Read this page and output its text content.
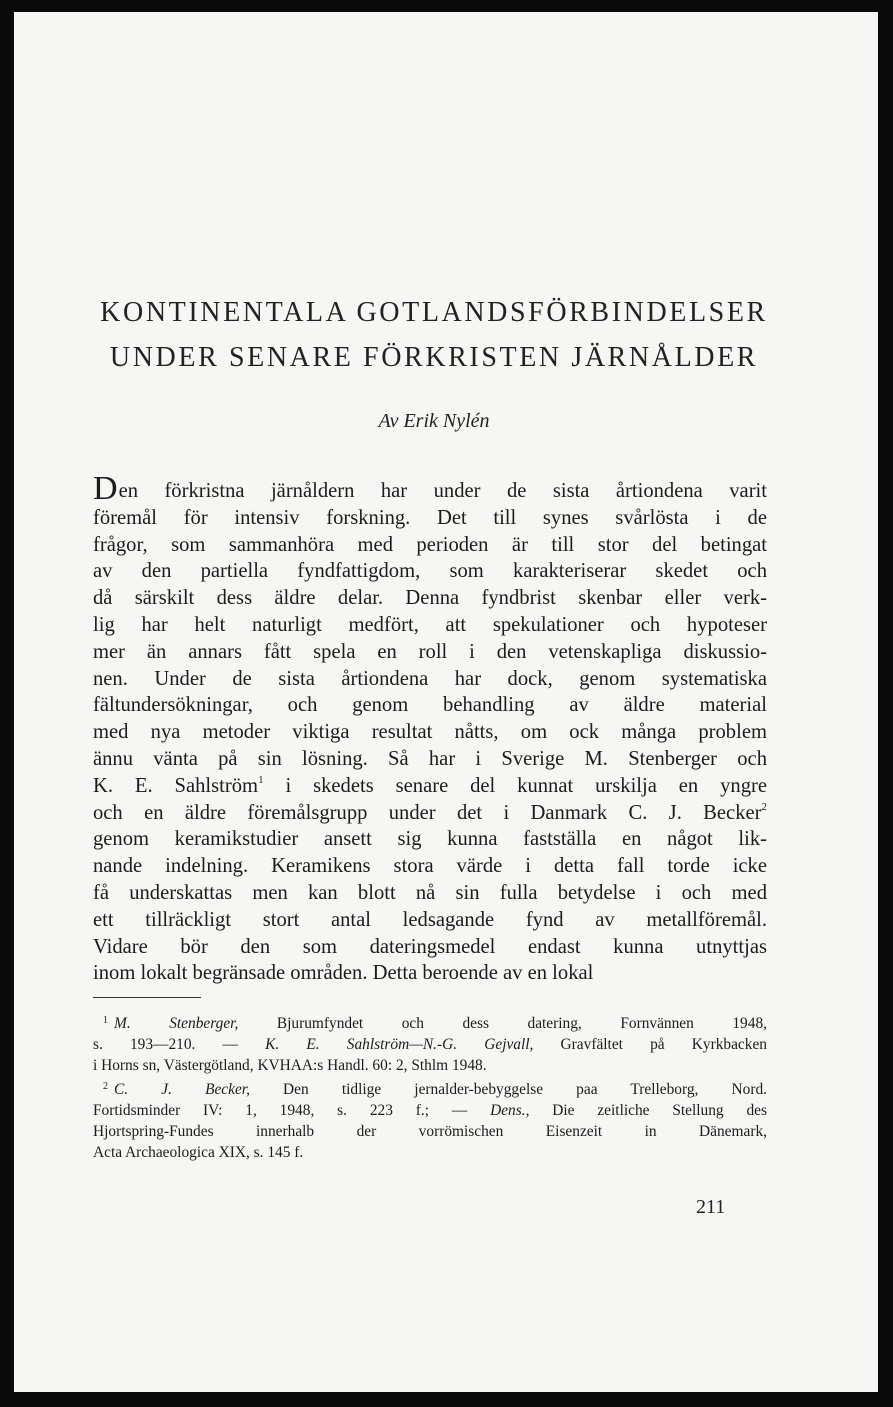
KONTINENTALA GOTLANDSFÖRBINDELSER
UNDER SENARE FÖRKRISTEN JÄRNÅLDER
Av Erik Nylén
Den förkristna järnåldern har under de sista årtiondena varit
föremål för intensiv forskning. Det till synes svårlösta i de
frågor, som sammanhöra med perioden är till stor del betingat
av den partiella fyndfattigdom, som karakteriserar skedet och
då särskilt dess äldre delar. Denna fyndbrist skenbar eller verk-
lig har helt naturligt medfört, att spekulationer och hypoteser
mer än annars fått spela en roll i den vetenskapliga diskussio-
nen. Under de sista årtiondena har dock, genom systematiska
fältundersökningar, och genom behandling av äldre material
med nya metoder viktiga resultat nåtts, om ock många problem
ännu vänta på sin lösning. Så har i Sverige M. Stenberger och
K. E. Sahlström$^1$ i skedets senare del kunnat urskilja en yngre
och en äldre föremålsgrupp under det i Danmark C. J. Becker$^2$
genom keramikstudier ansett sig kunna fastställa en något lik-
nande indelning. Keramikens stora värde i detta fall torde icke
få underskattas men kan blott nå sin fulla betydelse i och med
ett tillräckligt stort antal ledsagande fynd av metallföremål.
Vidare bör den som dateringsmedel endast kunna utnyttjas
inom lokalt begränsade områden. Detta beroende av en lokal
$^1$ M. Stenberger, Bjurumfyndet och dess datering, Fornvännen 1948,
s. 193—210. — K. E. Sahlström—N.-G. Gejvall, Gravfältet på Kyrkbacken
i Horns sn, Västergötland, KVHAA:s Handl. 60: 2, Sthlm 1948.
$^2$ C. J. Becker, Den tidlige jernalder-bebyggelse paa Trelleborg, Nord.
Fortidsminder IV: 1, 1948, s. 223 f.; — Dens., Die zeitliche Stellung des
Hjortspring-Fundes innerhalb der vorrömischen Eisenzeit in Dänemark,
Acta Archaeologica XIX, s. 145 f.
211
